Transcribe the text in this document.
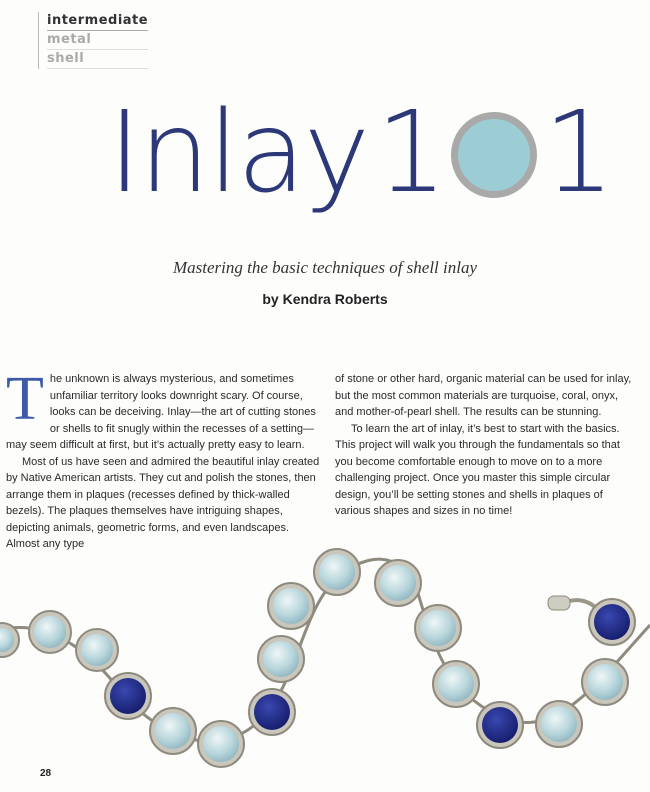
intermediate
metal
shell
Inlay 1 1
Mastering the basic techniques of shell inlay
by Kendra Roberts

The unknown is always mysterious, and sometimes unfamiliar territory looks downright scary. Of course, looks can be deceiving. Inlay—the art of cutting stones or shells to fit snugly within the recesses of a setting—may seem difficult at first, but it’s actually pretty easy to learn.

Most of us have seen and admired the beautiful inlay created by Native American artists. They cut and polish the stones, then arrange them in plaques (recesses defined by thick-walled bezels). The plaques themselves have intriguing shapes, depicting animals, geometric forms, and even landscapes. Almost any type

of stone or other hard, organic material can be used for inlay, but the most common materials are turquoise, coral, onyx, and mother-of-pearl shell. The results can be stunning.

To learn the art of inlay, it’s best to start with the basics. This project will walk you through the fundamentals so that you become comfortable enough to move on to a more challenging project. Once you master this simple circular design, you’ll be setting stones and shells in plaques of various shapes and sizes in no time!

28
